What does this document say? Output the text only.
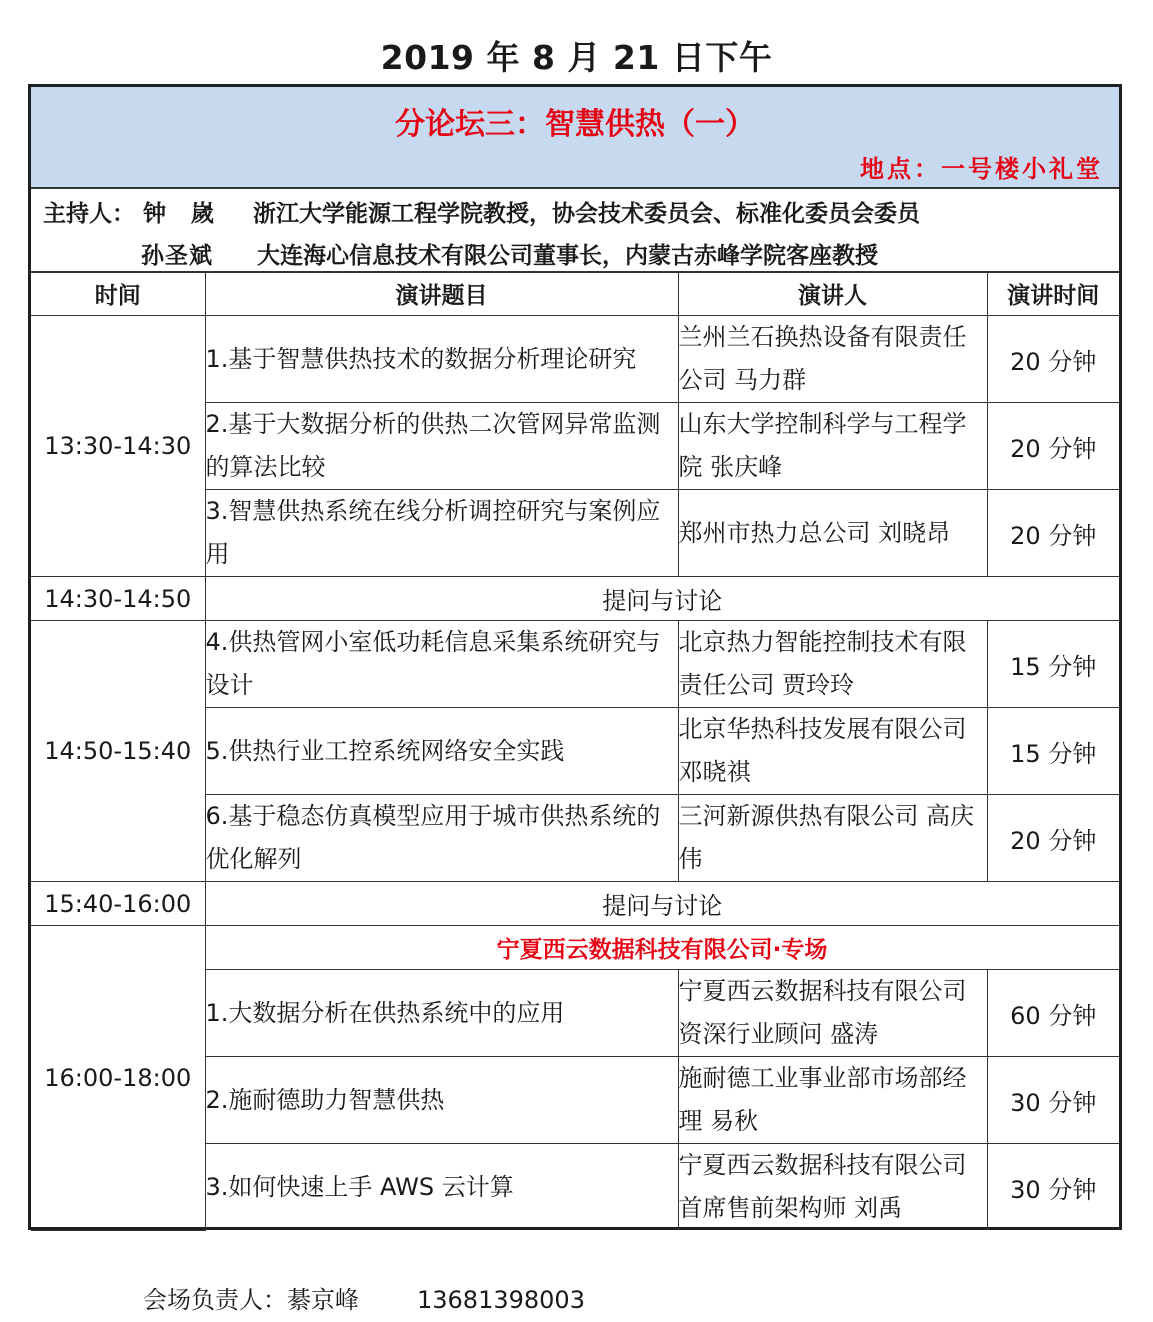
2019 年 8 月 21 日下午
分论坛三：智慧供热（一）
地点：一号楼小礼堂
主持人： 钟　嵗 浙江大学能源工程学院教授，协会技术委员会、标准化委员会委员
孙圣斌 大连海心信息技术有限公司董事长，内蒙古赤峰学院客座教授
时间	演讲题目	演讲人	演讲时间
13:30-14:30	1.基于智慧供热技术的数据分析理论研究	兰州兰石换热设备有限责任公司 马力群	20 分钟
	2.基于大数据分析的供热二次管网异常监测的算法比较	山东大学控制科学与工程学院 张庆峰	20 分钟
	3.智慧供热系统在线分析调控研究与案例应用	郑州市热力总公司 刘晓昂	20 分钟
14:30-14:50	提问与讨论		
14:50-15:40	4.供热管网小室低功耗信息采集系统研究与设计	北京热力智能控制技术有限责任公司 贾玲玲	15 分钟
	5.供热行业工控系统网络安全实践	北京华热科技发展有限公司 邓晓祺	15 分钟
	6.基于稳态仿真模型应用于城市供热系统的优化解列	三河新源供热有限公司 高庆伟	20 分钟
15:40-16:00	提问与讨论		
16:00-18:00	宁夏西云数据科技有限公司·专场		
	1.大数据分析在供热系统中的应用	宁夏西云数据科技有限公司资深行业顾问 盛涛	60 分钟
	2.施耐德助力智慧供热	施耐德工业事业部市场部经理 易秋	30 分钟
	3.如何快速上手 AWS 云计算	宁夏西云数据科技有限公司首席售前架构师 刘禹	30 分钟
会场负责人：綦京峰 13681398003
